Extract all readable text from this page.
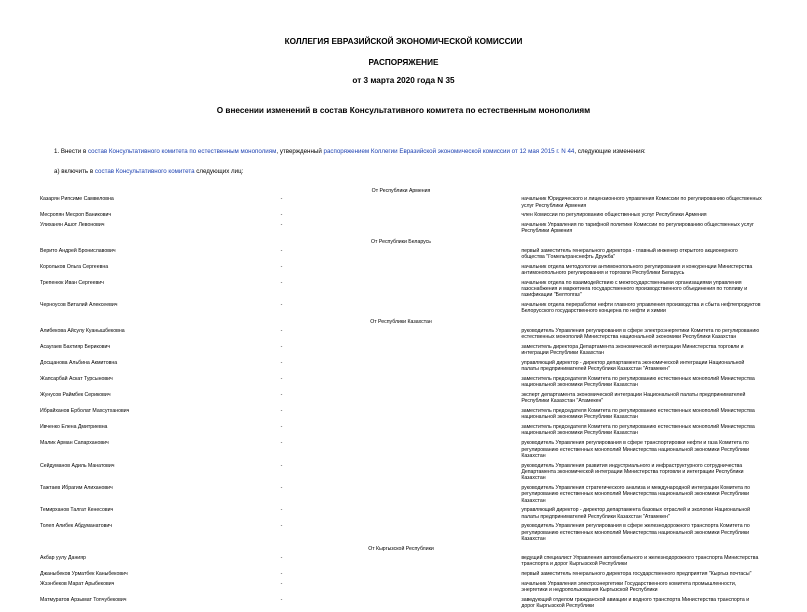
КОЛЛЕГИЯ ЕВРАЗИЙСКОЙ ЭКОНОМИЧЕСКОЙ КОМИССИИ
РАСПОРЯЖЕНИЕ
от 3 марта 2020 года N 35
О внесении изменений в состав Консультативного комитета по естественным монополиям
1. Внести в состав Консультативного комитета по естественным монополиям, утвержденный распоряжением Коллегии Евразийской экономической комиссии от 12 мая 2015 г. N 44, следующие изменения:
а) включить в состав Консультативного комитета следующих лиц:
От Республики Армения		
Казарян Рипсиме Самвеловна	-	начальник Юридического и лицензионного управления Комиссии по регулированию общественных услуг Республики Армения
Месропян Месроп Ваникович	-	член Комиссии по регулированию общественных услуг Республики Армения
Улиханян Ашот Левонович	-	начальник Управления по тарифной политике Комиссии по регулированию общественных услуг Республики Армения
От Республики Беларусь		
Верито Андрей Брониславович	-	первый заместитель генерального директора - главный инженер открытого акционерного общества "Гомельтранснефть Дружба"
Корольков Ольга Сергеевна	-	начальник отдела методологии антимонопольного регулирования и конкуренции Министерства антимонопольного регулирования и торговли Республики Беларусь
Трепенюк Иван Сергеевич	-	начальник отдела по взаимодействию с межгосударственными организациями управления газоснабжения и маркетинга государственного производственного объединения по топливу и газификации "Белтопгаз"
Черноусов Виталий Алексеевич	-	начальник отдела переработки нефти главного управления производства и сбыта нефтепродуктов Белорусского государственного концерна по нефти и химии
От Республики Казахстан		
Алибекова Айсулу Куанышбековна	-	руководитель Управления регулирования в сфере электроэнергетики Комитета по регулированию естественных монополий Министерства национальной экономики Республики Казахстан
Асаугаев Бахтияр Берикович	-	заместитель директора Департамента экономической интеграции Министерства торговли и интеграции Республики Казахстан
Досщанова Альбина Акмитовна	-	управляющий директор - директор департамента экономической интеграции Национальной палаты предпринимателей Республики Казахстан "Атамекен"
Жапсарбай Аскат Турсынович	-	заместитель председателя Комитета по регулированию естественных монополий Министерства национальной экономики Республики Казахстан
Жунусов Раймбек Серикович	-	эксперт департамента экономической интеграции Национальной палаты предпринимателей Республики Казахстан "Атамекен"
Ибрайханов Ерболат Махсутханович	-	заместитель председателя Комитета по регулированию естественных монополий Министерства национальной экономики Республики Казахстан
Ивченко Елена Дмитриевна	-	заместитель председателя Комитета по регулированию естественных монополий Министерства национальной экономики Республики Казахстан
Малик Арман Сапарханович	-	руководитель Управления регулирования в сфере транспортировки нефти и газа Комитета по регулированию естественных монополий Министерства национальной экономики Республики Казахстан
Сейдуманов Адиль Манатович	-	руководитель Управления развития индустриального и инфраструктурного сотрудничества Департамента экономической интеграции Министерства торговли и интеграции Республики Казахстан
Тажтаев Ибрагим Алиханович	-	руководитель Управления стратегического анализа и международной интеграции Комитета по регулированию естественных монополий Министерства национальной экономики Республики Казахстан
Темирханов Талгат Кенесович	-	управляющий директор - директор департамента базовых отраслей и экологии Национальной палаты предпринимателей Республики Казахстан "Атамекен"
Толеп Алибек Абдуманатович	-	руководитель Управления регулирования в сфере железнодорожного транспорта Комитета по регулированию естественных монополий Министерства национальной экономики Республики Казахстан
От Кыргызской Республики		
Акбар уулу Данияр	-	ведущий специалист Управления автомобильного и железнодорожного транспорта Министерства транспорта и дорог Кыргызской Республики
Джаныбеков Урматбек Каныбекович	-	первый заместитель генерального директора государственного предприятия "Кыргыз почтасы"
Жээнбеков Марат Арыбекович	-	начальник Управления электроэнергетики Государственного комитета промышленности, энергетики и недропользования Кыргызской Республики
Матмуратов Арзымат Топчубекович	-	заведующий отделом гражданской авиации и водного транспорта Министерства транспорта и дорог Кыргызской Республики
